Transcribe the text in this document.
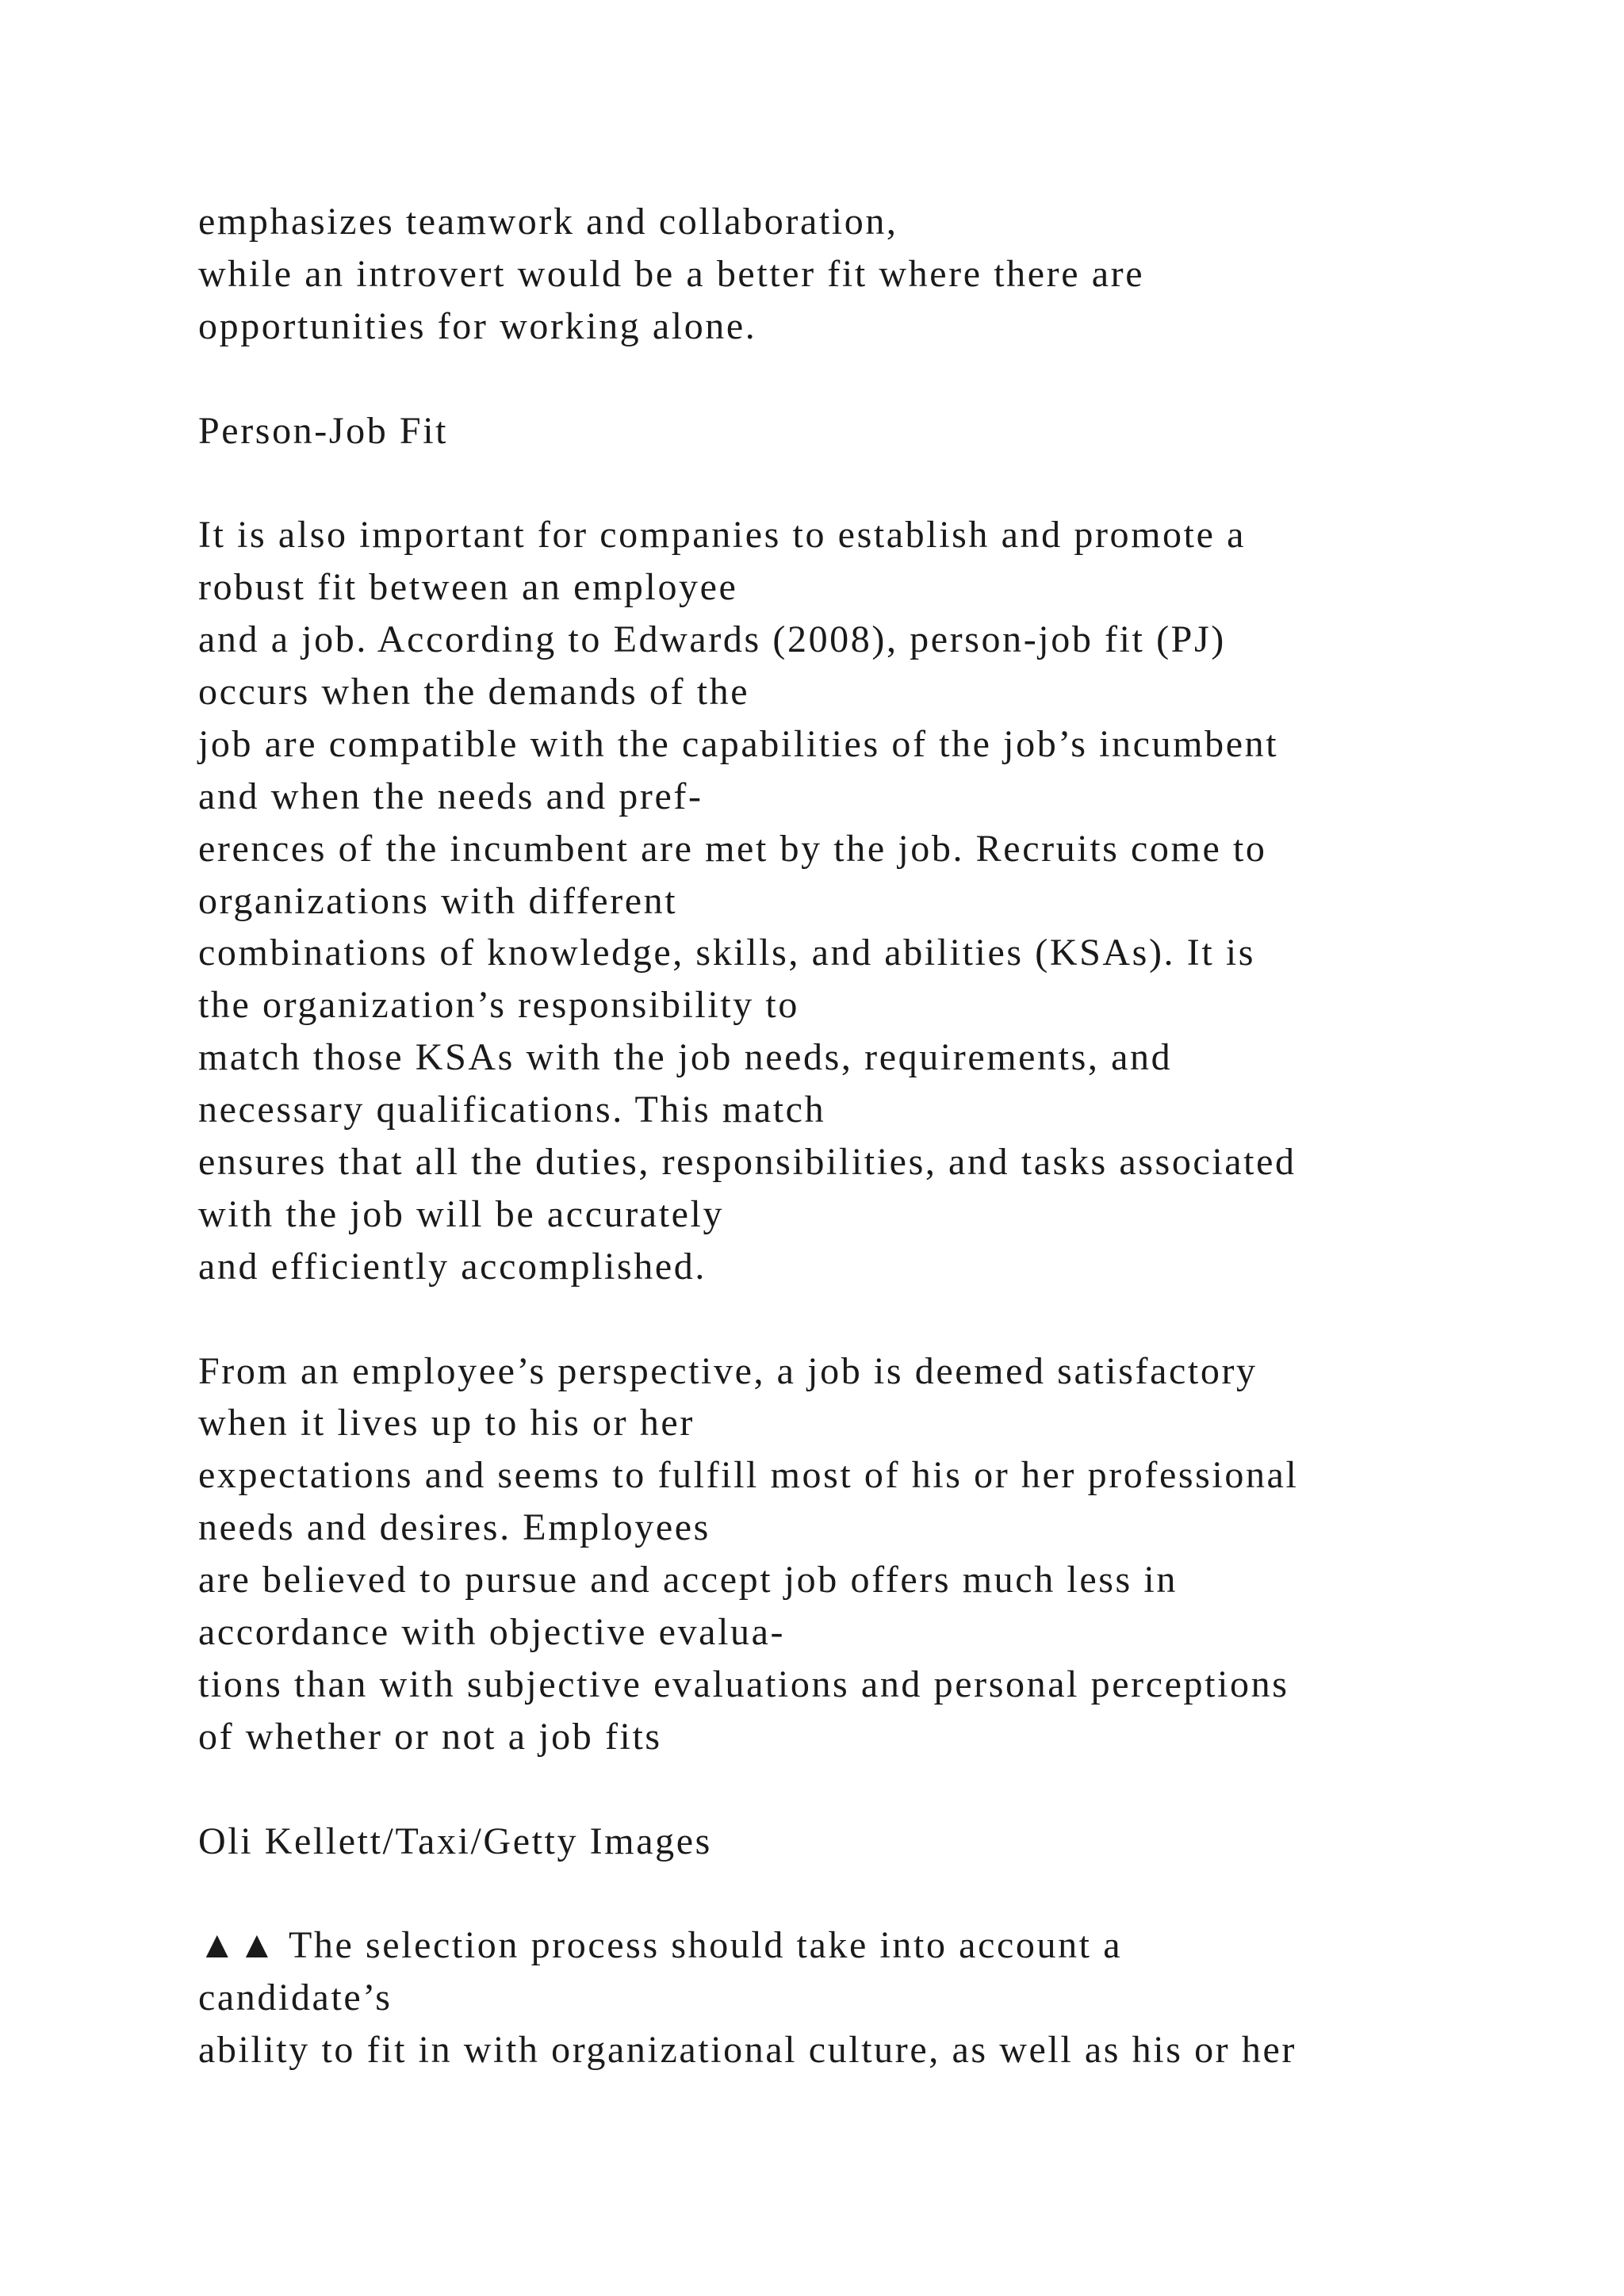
emphasizes teamwork and collaboration,
while an introvert would be a better fit where there are
opportunities for working alone.
Person-Job Fit
It is also important for companies to establish and promote a
robust fit between an employee
and a job. According to Edwards (2008), person-job fit (PJ)
occurs when the demands of the
job are compatible with the capabilities of the job’s incumbent
and when the needs and pref-
erences of the incumbent are met by the job. Recruits come to
organizations with different
combinations of knowledge, skills, and abilities (KSAs). It is
the organization’s responsibility to
match those KSAs with the job needs, requirements, and
necessary qualifications. This match
ensures that all the duties, responsibilities, and tasks associated
with the job will be accurately
and efficiently accomplished.
From an employee’s perspective, a job is deemed satisfactory
when it lives up to his or her
expectations and seems to fulfill most of his or her professional
needs and desires. Employees
are believed to pursue and accept job offers much less in
accordance with objective evalua-
tions than with subjective evaluations and personal perceptions
of whether or not a job fits
Oli Kellett/Taxi/Getty Images
▲▲ The selection process should take into account a
candidate’s
ability to fit in with organizational culture, as well as his or her
